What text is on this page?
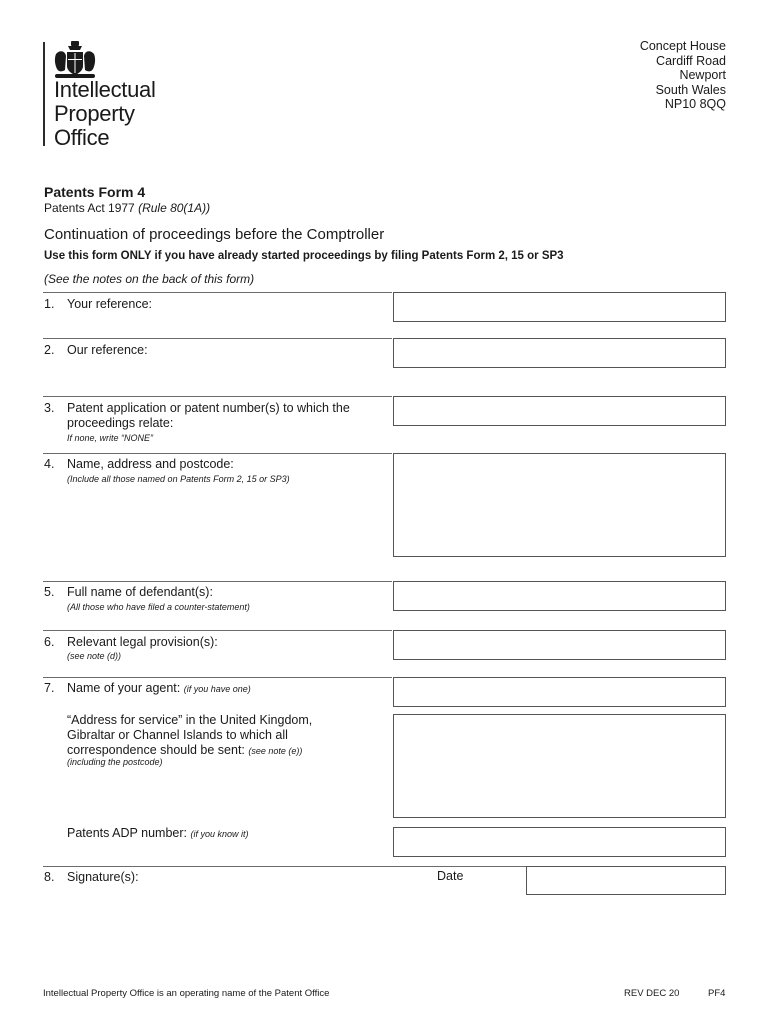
Intellectual
Property
Office
Concept House
Cardiff Road
Newport
South Wales
NP10 8QQ
Patents Form 4
Patents Act 1977 (Rule 80(1A))
Continuation of proceedings before the Comptroller
Use this form ONLY if you have already started proceedings by filing Patents Form 2, 15 or SP3
(See the notes on the back of this form)
1. Your reference:
2. Our reference:
3. Patent application or patent number(s) to which the
proceedings relate:
If none, write “NONE”
4. Name, address and postcode:
(Include all those named on Patents Form 2, 15 or SP3)
5. Full name of defendant(s):
(All those who have filed a counter-statement)
6. Relevant legal provision(s):
(see note (d))
7. Name of your agent: (if you have one)
“Address for service” in the United Kingdom,
Gibraltar or Channel Islands to which all
correspondence should be sent: (see note (e))
(including the postcode)
Patents ADP number: (if you know it)
8. Signature(s):	Date
Intellectual Property Office is an operating name of the Patent Office	REV DEC 20	PF4
